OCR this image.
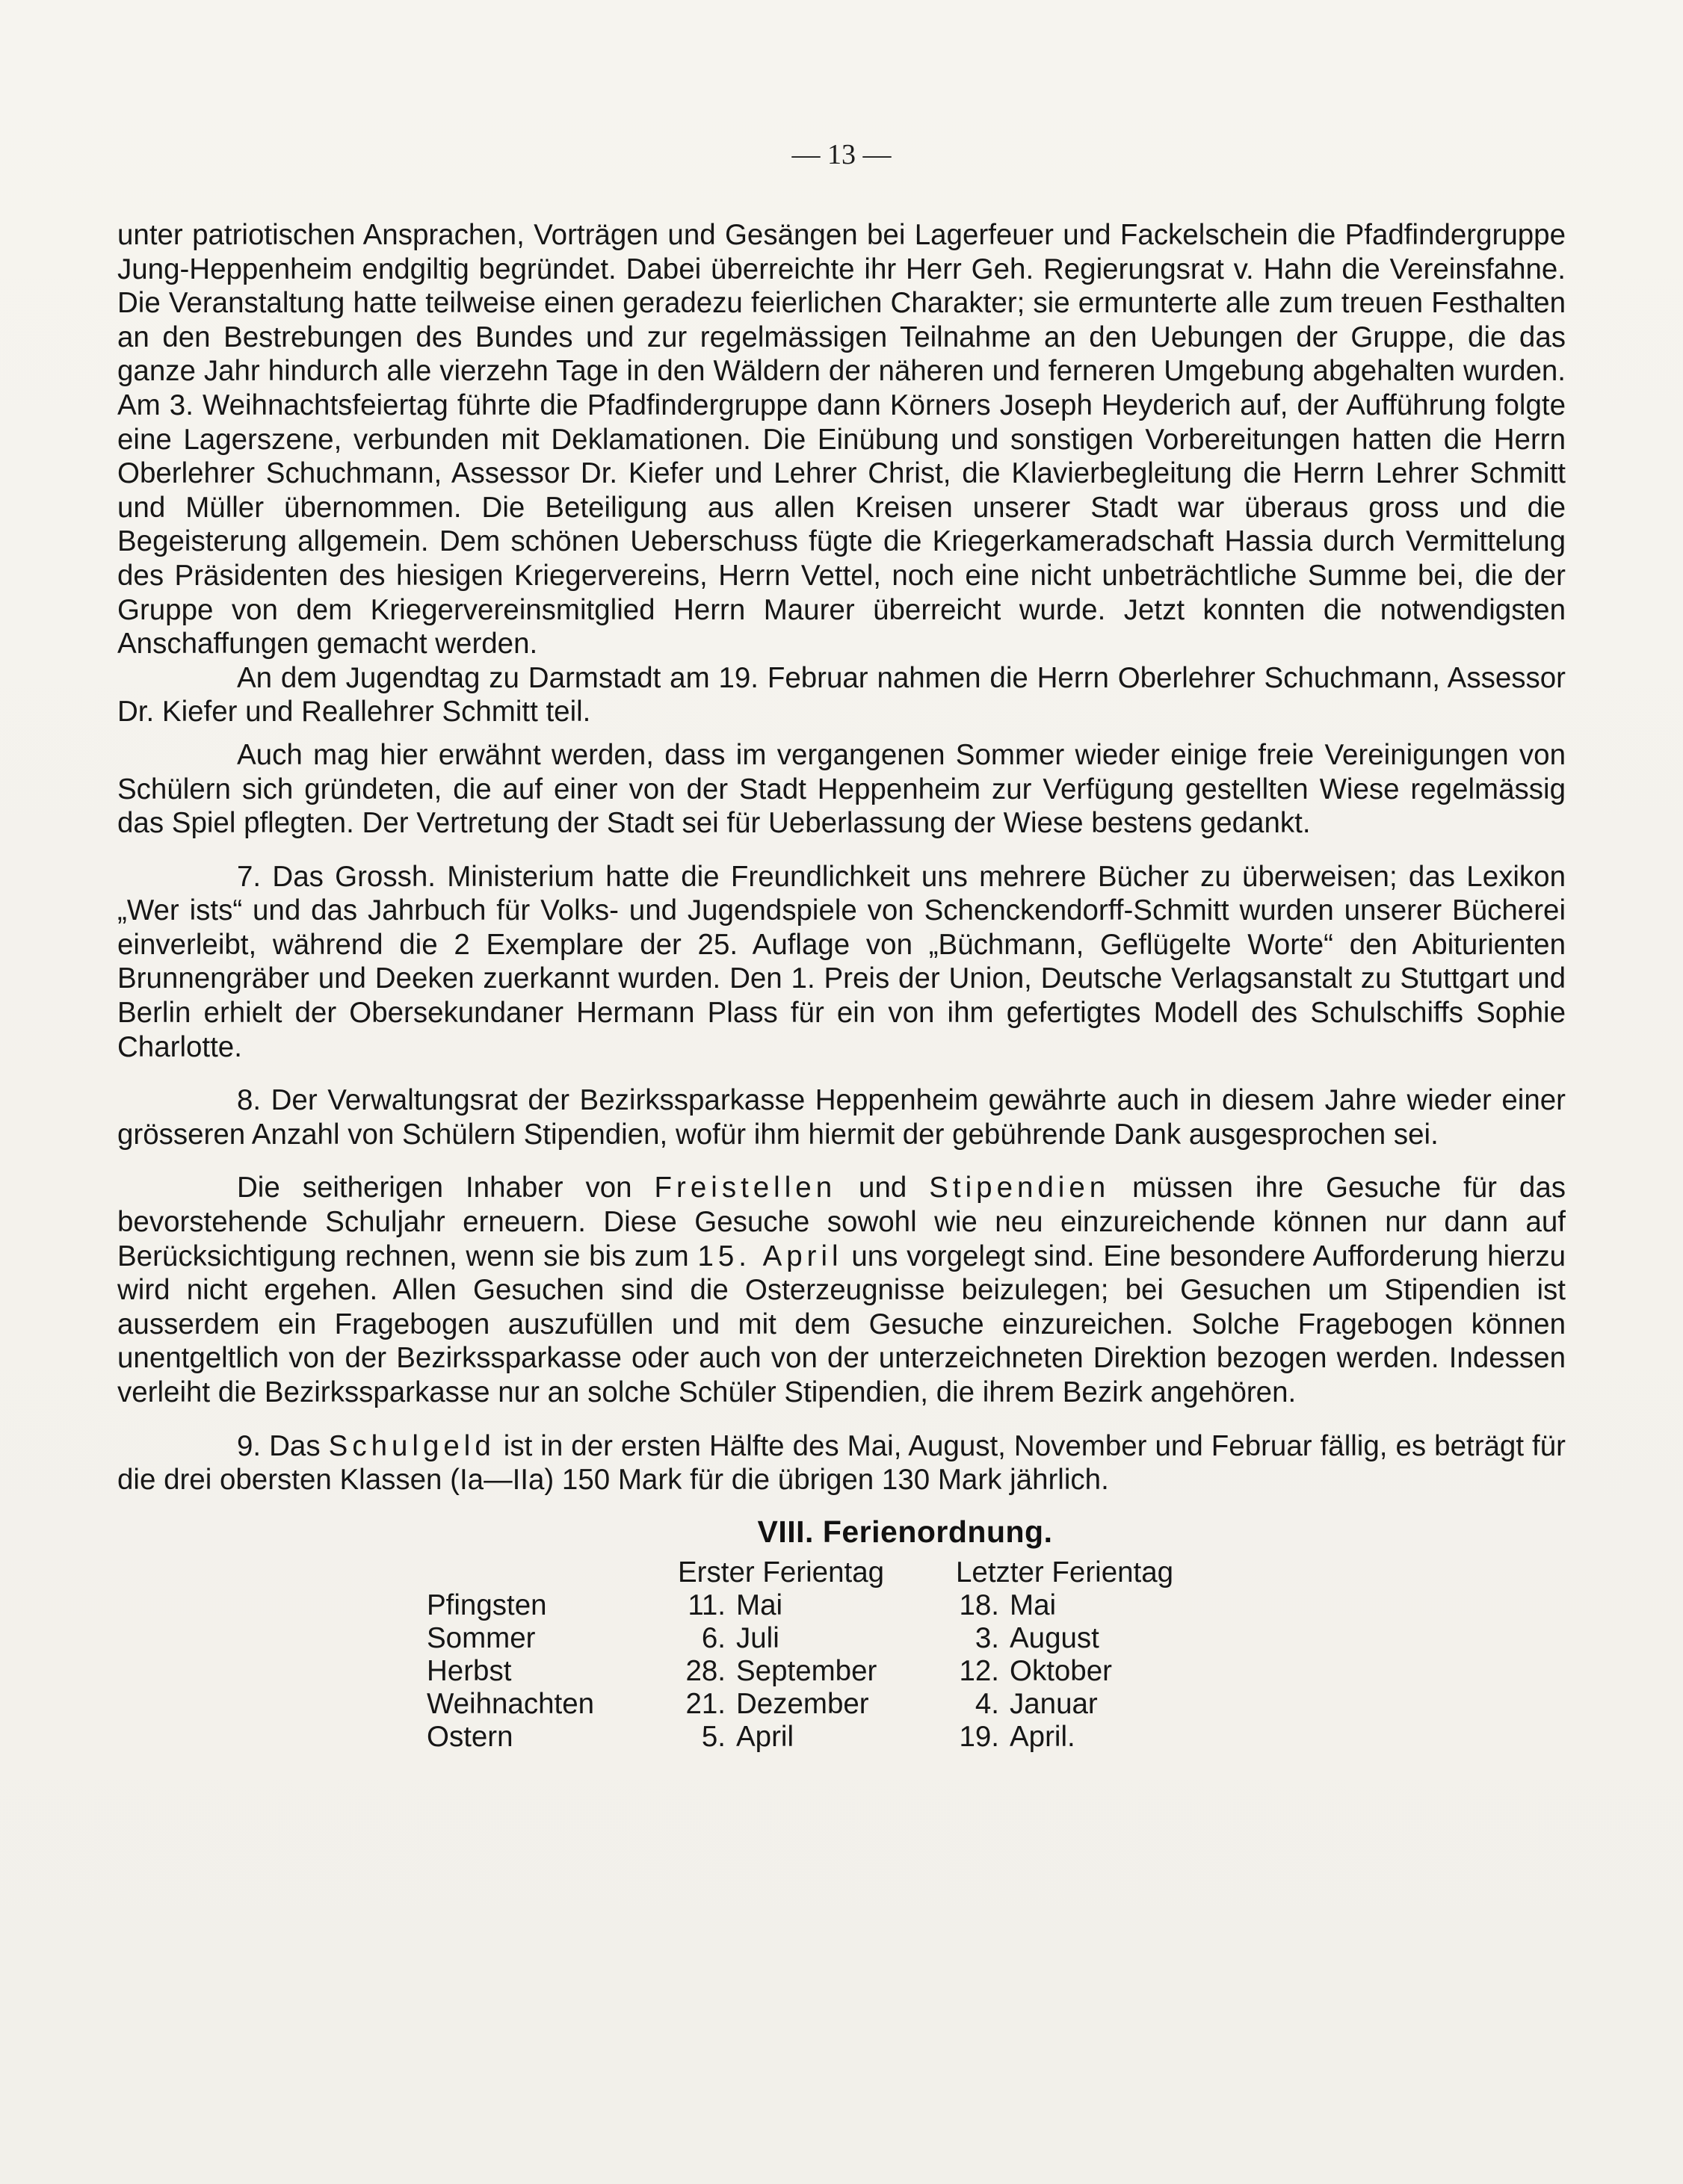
— 13 —

unter patriotischen Ansprachen, Vorträgen und Gesängen bei Lagerfeuer und Fackelschein die Pfadfindergruppe Jung-Heppenheim endgiltig begründet. Dabei überreichte ihr Herr Geh. Regierungsrat v. Hahn die Vereinsfahne. Die Veranstaltung hatte teilweise einen geradezu feierlichen Charakter; sie ermunterte alle zum treuen Festhalten an den Bestrebungen des Bundes und zur regelmässigen Teilnahme an den Uebungen der Gruppe, die das ganze Jahr hindurch alle vierzehn Tage in den Wäldern der näheren und ferneren Umgebung abgehalten wurden. Am 3. Weihnachtsfeiertag führte die Pfadfindergruppe dann Körners Joseph Heyderich auf, der Aufführung folgte eine Lagerszene, verbunden mit Deklamationen. Die Einübung und sonstigen Vorbereitungen hatten die Herrn Oberlehrer Schuchmann, Assessor Dr. Kiefer und Lehrer Christ, die Klavierbegleitung die Herrn Lehrer Schmitt und Müller übernommen. Die Beteiligung aus allen Kreisen unserer Stadt war überaus gross und die Begeisterung allgemein. Dem schönen Ueberschuss fügte die Kriegerkameradschaft Hassia durch Vermittelung des Präsidenten des hiesigen Kriegervereins, Herrn Vettel, noch eine nicht unbeträchtliche Summe bei, die der Gruppe von dem Kriegervereinsmitglied Herrn Maurer überreicht wurde. Jetzt konnten die notwendigsten Anschaffungen gemacht werden.

An dem Jugendtag zu Darmstadt am 19. Februar nahmen die Herrn Oberlehrer Schuchmann, Assessor Dr. Kiefer und Reallehrer Schmitt teil.

Auch mag hier erwähnt werden, dass im vergangenen Sommer wieder einige freie Vereinigungen von Schülern sich gründeten, die auf einer von der Stadt Heppenheim zur Verfügung gestellten Wiese regelmässig das Spiel pflegten. Der Vertretung der Stadt sei für Ueberlassung der Wiese bestens gedankt.

7. Das Grossh. Ministerium hatte die Freundlichkeit uns mehrere Bücher zu überweisen; das Lexikon „Wer ists“ und das Jahrbuch für Volks- und Jugendspiele von Schenckendorff-Schmitt wurden unserer Bücherei einverleibt, während die 2 Exemplare der 25. Auflage von „Büchmann, Geflügelte Worte“ den Abiturienten Brunnengräber und Deeken zuerkannt wurden. Den 1. Preis der Union, Deutsche Verlagsanstalt zu Stuttgart und Berlin erhielt der Obersekundaner Hermann Plass für ein von ihm gefertigtes Modell des Schulschiffs Sophie Charlotte.

8. Der Verwaltungsrat der Bezirkssparkasse Heppenheim gewährte auch in diesem Jahre wieder einer grösseren Anzahl von Schülern Stipendien, wofür ihm hiermit der gebührende Dank ausgesprochen sei.

Die seitherigen Inhaber von Freistellen und Stipendien müssen ihre Gesuche für das bevorstehende Schuljahr erneuern. Diese Gesuche sowohl wie neu einzureichende können nur dann auf Berücksichtigung rechnen, wenn sie bis zum 15. April uns vorgelegt sind. Eine besondere Aufforderung hierzu wird nicht ergehen. Allen Gesuchen sind die Osterzeugnisse beizulegen; bei Gesuchen um Stipendien ist ausserdem ein Fragebogen auszufüllen und mit dem Gesuche einzureichen. Solche Fragebogen können unentgeltlich von der Bezirkssparkasse oder auch von der unterzeichneten Direktion bezogen werden. Indessen verleiht die Bezirkssparkasse nur an solche Schüler Stipendien, die ihrem Bezirk angehören.

9. Das Schulgeld ist in der ersten Hälfte des Mai, August, November und Februar fällig, es beträgt für die drei obersten Klassen (Ia—IIa) 150 Mark für die übrigen 130 Mark jährlich.

VIII. Ferienordnung.
	Erster Ferientag	Letzter Ferientag
Pfingsten	11. Mai	18. Mai
Sommer	6. Juli	3. August
Herbst	28. September	12. Oktober
Weihnachten	21. Dezember	4. Januar
Ostern	5. April	19. April.
